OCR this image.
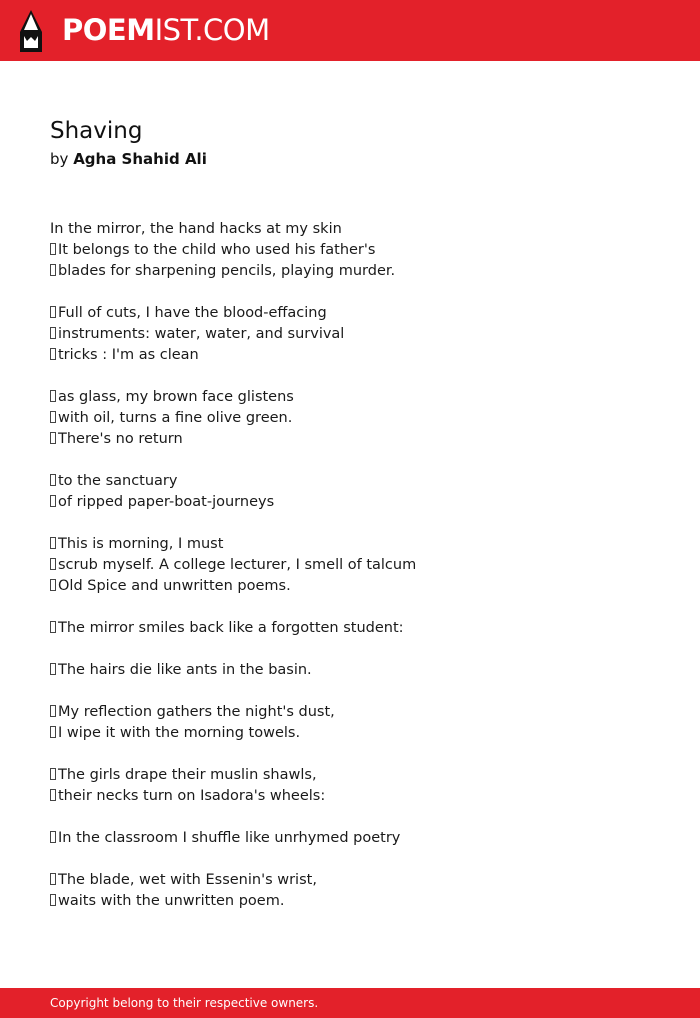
POEMIST.COM
Shaving
by Agha Shahid Ali
In the mirror, the hand hacks at my skin
It belongs to the child who used his father's
blades for sharpening pencils, playing murder.
Full of cuts, I have the blood-effacing
instruments: water, water, and survival
tricks : I'm as clean
as glass, my brown face glistens
with oil, turns a fine olive green.
There's no return
to the sanctuary
of ripped paper-boat-journeys
This is morning, I must
scrub myself. A college lecturer, I smell of talcum
Old Spice and unwritten poems.
The mirror smiles back like a forgotten student:
The hairs die like ants in the basin.
My reflection gathers the night's dust,
I wipe it with the morning towels.
The girls drape their muslin shawls,
their necks turn on Isadora's wheels:
In the classroom I shuffle like unrhymed poetry
The blade, wet with Essenin's wrist,
waits with the unwritten poem.
Copyright belong to their respective owners.
